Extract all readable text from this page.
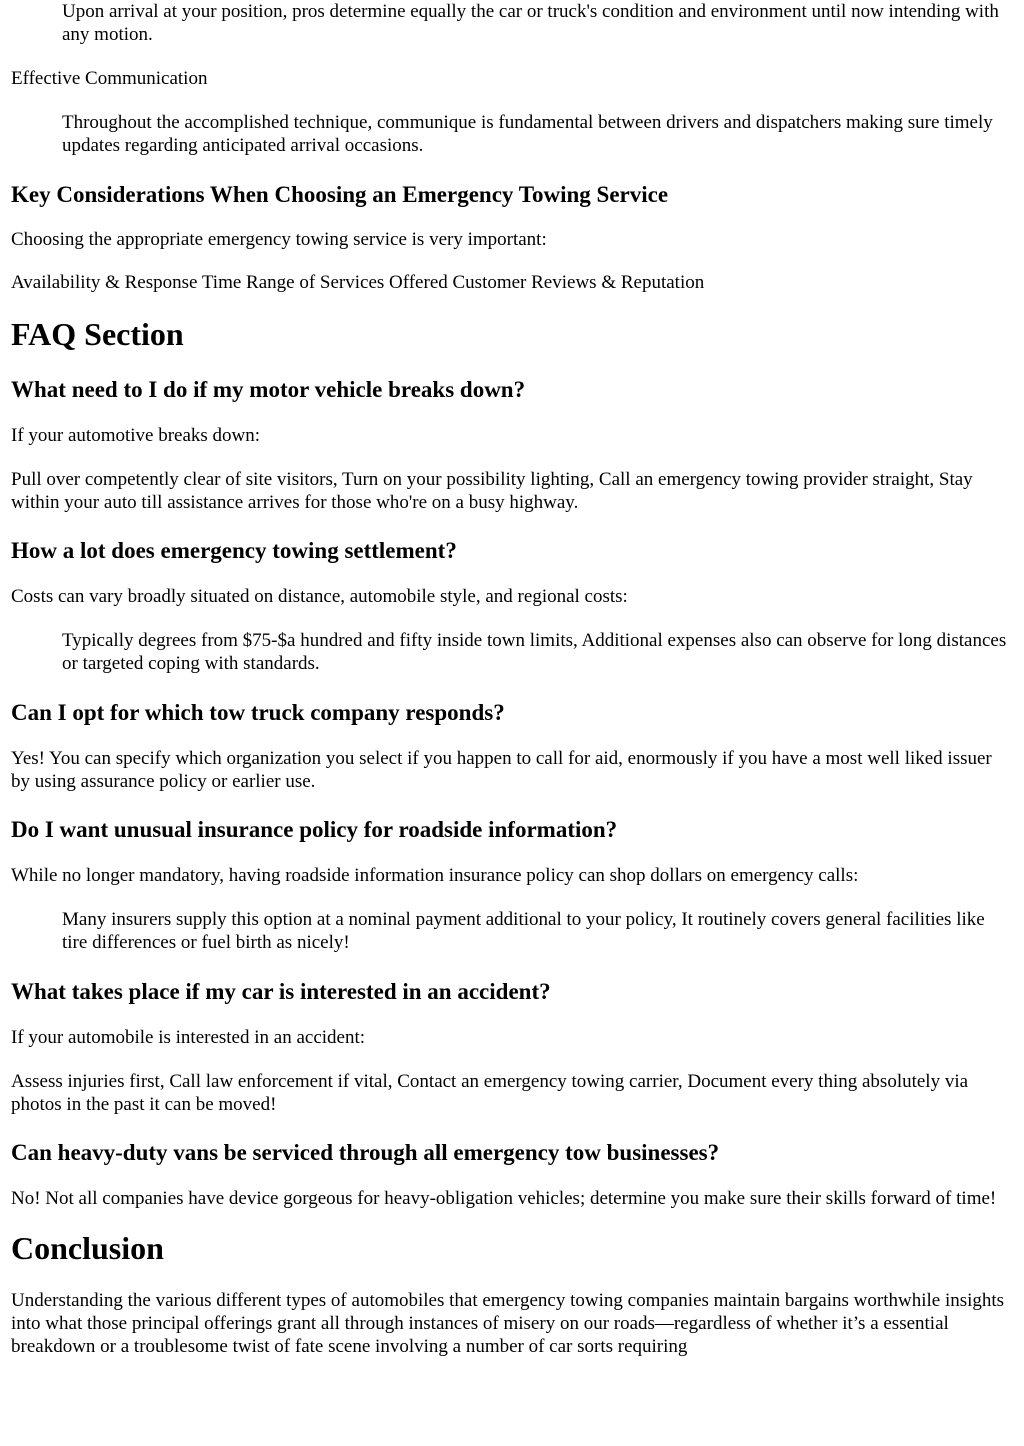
Upon arrival at your position, pros determine equally the car or truck's condition and environment until now intending with any motion.

Effective Communication

Throughout the accomplished technique, communique is fundamental between drivers and dispatchers making sure timely updates regarding anticipated arrival occasions.

Key Considerations When Choosing an Emergency Towing Service

Choosing the appropriate emergency towing service is very important:

Availability & Response Time Range of Services Offered Customer Reviews & Reputation

FAQ Section
What need to I do if my motor vehicle breaks down?

If your automotive breaks down:

Pull over competently clear of site visitors, Turn on your possibility lighting, Call an emergency towing provider straight, Stay within your auto till assistance arrives for those who're on a busy highway.

How a lot does emergency towing settlement?

Costs can vary broadly situated on distance, automobile style, and regional costs:

Typically degrees from $75-$a hundred and fifty inside town limits, Additional expenses also can observe for long distances or targeted coping with standards.

Can I opt for which tow truck company responds?

Yes! You can specify which organization you select if you happen to call for aid, enormously if you have a most well liked issuer by using assurance policy or earlier use.

Do I want unusual insurance policy for roadside information?

While no longer mandatory, having roadside information insurance policy can shop dollars on emergency calls:

Many insurers supply this option at a nominal payment additional to your policy, It routinely covers general facilities like tire differences or fuel birth as nicely!

What takes place if my car is interested in an accident?

If your automobile is interested in an accident:

Assess injuries first, Call law enforcement if vital, Contact an emergency towing carrier, Document every thing absolutely via photos in the past it can be moved!

Can heavy-duty vans be serviced through all emergency tow businesses?

No! Not all companies have device gorgeous for heavy-obligation vehicles; determine you make sure their skills forward of time!

Conclusion

Understanding the various different types of automobiles that emergency towing companies maintain bargains worthwhile insights into what those principal offerings grant all through instances of misery on our roads—regardless of whether it’s a essential breakdown or a troublesome twist of fate scene involving a number of car sorts requiring
